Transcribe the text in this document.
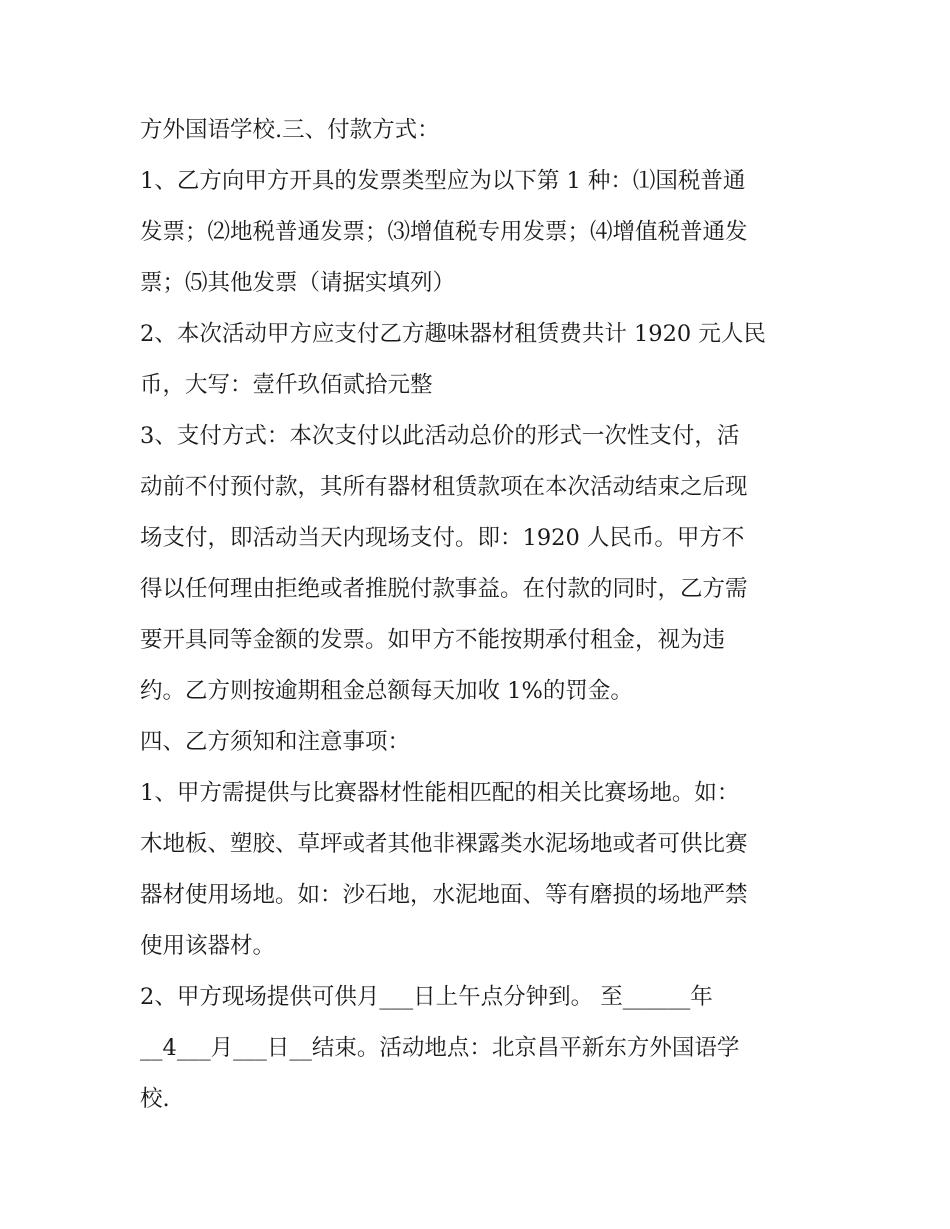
方外国语学校.三、付款方式：
1、乙方向甲方开具的发票类型应为以下第 1 种：⑴国税普通
发票；⑵地税普通发票；⑶增值税专用发票；⑷增值税普通发
票；⑸其他发票（请据实填列）
2、本次活动甲方应支付乙方趣味器材租赁费共计 1920 元人民
币，大写：壹仟玖佰贰拾元整
3、支付方式：本次支付以此活动总价的形式一次性支付，活
动前不付预付款，其所有器材租赁款项在本次活动结束之后现
场支付，即活动当天内现场支付。即：1920 人民币。甲方不
得以任何理由拒绝或者推脱付款事益。在付款的同时，乙方需
要开具同等金额的发票。如甲方不能按期承付租金，视为违
约。乙方则按逾期租金总额每天加收 1%的罚金。
四、乙方须知和注意事项：
1、甲方需提供与比赛器材性能相匹配的相关比赛场地。如：
木地板、塑胶、草坪或者其他非裸露类水泥场地或者可供比赛
器材使用场地。如：沙石地，水泥地面、等有磨损的场地严禁
使用该器材。
2、甲方现场提供可供月___日上午点分钟到。 至______年
__4___月___日__结束。活动地点：北京昌平新东方外国语学
校.
